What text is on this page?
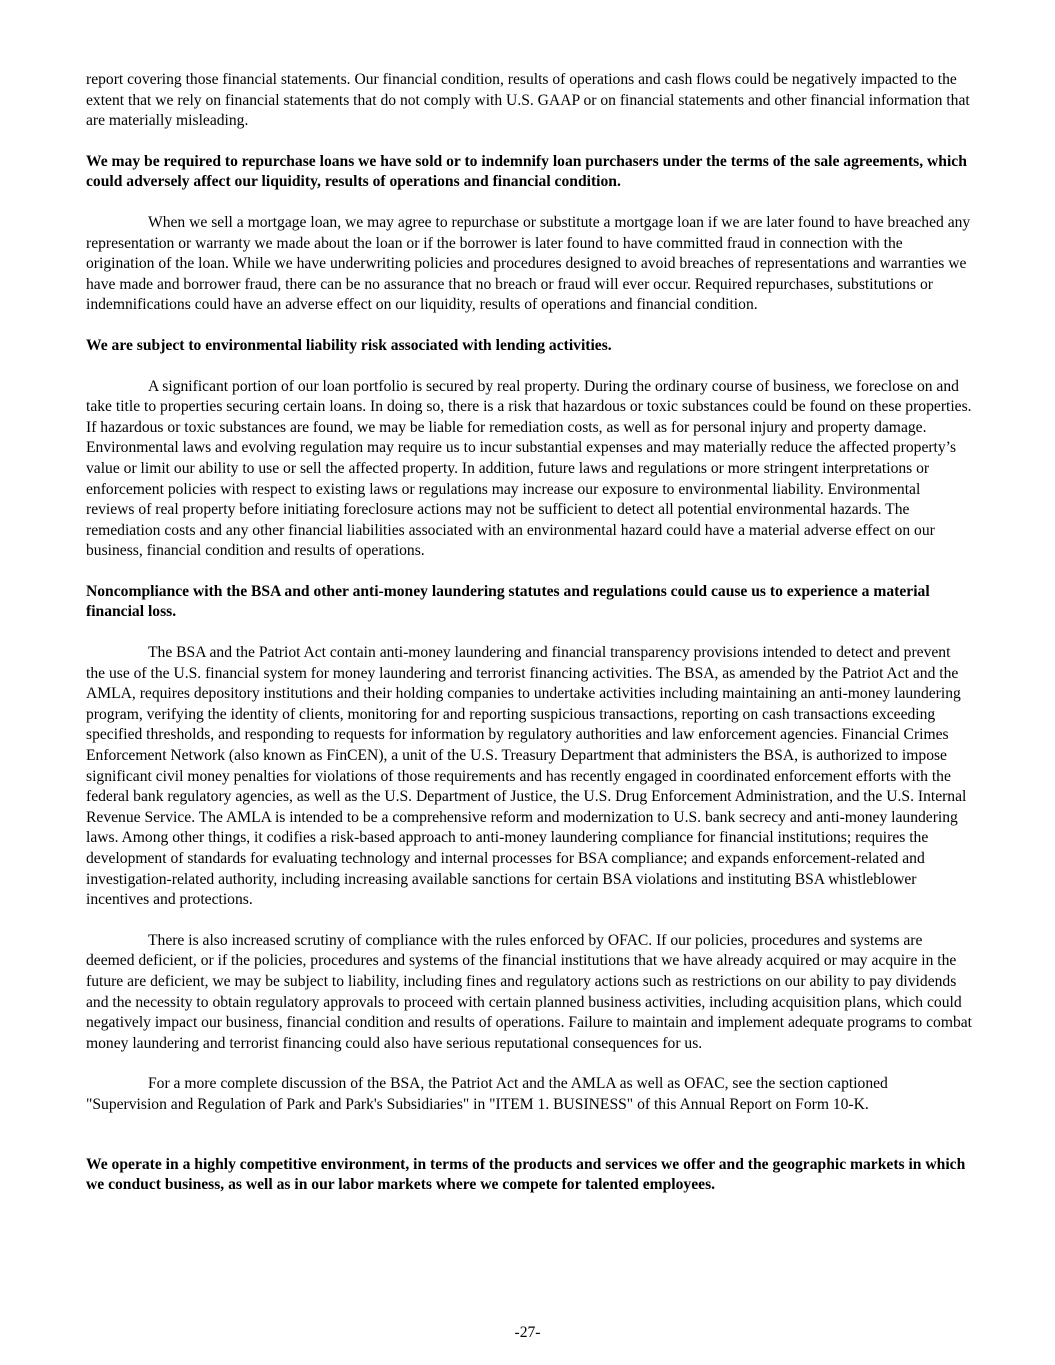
report covering those financial statements. Our financial condition, results of operations and cash flows could be negatively impacted to the extent that we rely on financial statements that do not comply with U.S. GAAP or on financial statements and other financial information that are materially misleading.

We may be required to repurchase loans we have sold or to indemnify loan purchasers under the terms of the sale agreements, which could adversely affect our liquidity, results of operations and financial condition.

When we sell a mortgage loan, we may agree to repurchase or substitute a mortgage loan if we are later found to have breached any representation or warranty we made about the loan or if the borrower is later found to have committed fraud in connection with the origination of the loan. While we have underwriting policies and procedures designed to avoid breaches of representations and warranties we have made and borrower fraud, there can be no assurance that no breach or fraud will ever occur. Required repurchases, substitutions or indemnifications could have an adverse effect on our liquidity, results of operations and financial condition.

We are subject to environmental liability risk associated with lending activities.

A significant portion of our loan portfolio is secured by real property. During the ordinary course of business, we foreclose on and take title to properties securing certain loans. In doing so, there is a risk that hazardous or toxic substances could be found on these properties. If hazardous or toxic substances are found, we may be liable for remediation costs, as well as for personal injury and property damage. Environmental laws and evolving regulation may require us to incur substantial expenses and may materially reduce the affected property’s value or limit our ability to use or sell the affected property. In addition, future laws and regulations or more stringent interpretations or enforcement policies with respect to existing laws or regulations may increase our exposure to environmental liability. Environmental reviews of real property before initiating foreclosure actions may not be sufficient to detect all potential environmental hazards. The remediation costs and any other financial liabilities associated with an environmental hazard could have a material adverse effect on our business, financial condition and results of operations.

Noncompliance with the BSA and other anti-money laundering statutes and regulations could cause us to experience a material financial loss.

The BSA and the Patriot Act contain anti-money laundering and financial transparency provisions intended to detect and prevent the use of the U.S. financial system for money laundering and terrorist financing activities. The BSA, as amended by the Patriot Act and the AMLA, requires depository institutions and their holding companies to undertake activities including maintaining an anti-money laundering program, verifying the identity of clients, monitoring for and reporting suspicious transactions, reporting on cash transactions exceeding specified thresholds, and responding to requests for information by regulatory authorities and law enforcement agencies. Financial Crimes Enforcement Network (also known as FinCEN), a unit of the U.S. Treasury Department that administers the BSA, is authorized to impose significant civil money penalties for violations of those requirements and has recently engaged in coordinated enforcement efforts with the federal bank regulatory agencies, as well as the U.S. Department of Justice, the U.S. Drug Enforcement Administration, and the U.S. Internal Revenue Service. The AMLA is intended to be a comprehensive reform and modernization to U.S. bank secrecy and anti-money laundering laws. Among other things, it codifies a risk-based approach to anti-money laundering compliance for financial institutions; requires the development of standards for evaluating technology and internal processes for BSA compliance; and expands enforcement-related and investigation-related authority, including increasing available sanctions for certain BSA violations and instituting BSA whistleblower incentives and protections.

There is also increased scrutiny of compliance with the rules enforced by OFAC. If our policies, procedures and systems are deemed deficient, or if the policies, procedures and systems of the financial institutions that we have already acquired or may acquire in the future are deficient, we may be subject to liability, including fines and regulatory actions such as restrictions on our ability to pay dividends and the necessity to obtain regulatory approvals to proceed with certain planned business activities, including acquisition plans, which could negatively impact our business, financial condition and results of operations. Failure to maintain and implement adequate programs to combat money laundering and terrorist financing could also have serious reputational consequences for us.

For a more complete discussion of the BSA, the Patriot Act and the AMLA as well as OFAC, see the section captioned "Supervision and Regulation of Park and Park's Subsidiaries" in "ITEM 1. BUSINESS" of this Annual Report on Form 10-K.

We operate in a highly competitive environment, in terms of the products and services we offer and the geographic markets in which we conduct business, as well as in our labor markets where we compete for talented employees.

-27-
